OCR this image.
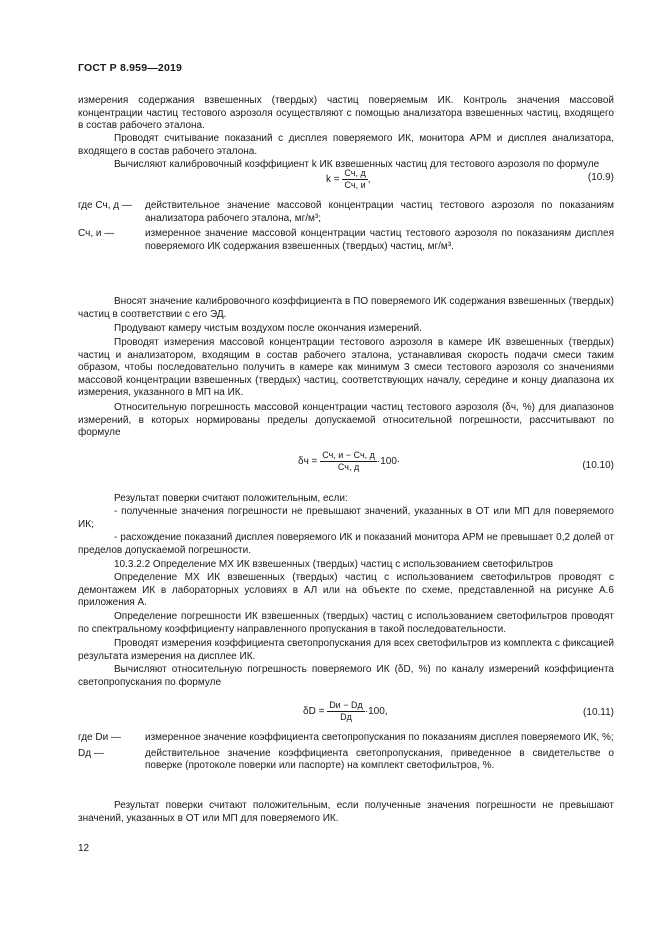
ГОСТ Р 8.959—2019

измерения содержания взвешенных (твердых) частиц поверяемым ИК. Контроль значения массовой концентрации частиц тестового аэрозоля осуществляют с помощью анализатора взвешенных частиц, входящего в состав рабочего эталона.

Проводят считывание показаний с дисплея поверяемого ИК, монитора АРМ и дисплея анализатора, входящего в состав рабочего эталона.

Вычисляют калибровочный коэффициент k ИК взвешенных частиц для тестового аэрозоля по формуле

$k = \frac{Сч, д}{Сч, и}$ ,	(10.9)
где Сч, д — действительное значение массовой концентрации частиц тестового аэрозоля по показаниям анализатора рабочего эталона, мг/м³;
Сч, и —	измеренное значение массовой концентрации частиц тестового аэрозоля по показаниям дисплея поверяемого ИК содержания взвешенных (твердых) частиц, мг/м³.

Вносят значение калибровочного коэффициента в ПО поверяемого ИК содержания взвешенных (твердых) частиц в соответствии с его ЭД.

Продувают камеру чистым воздухом после окончания измерений.

Проводят измерения массовой концентрации тестового аэрозоля в камере ИК взвешенных (твердых) частиц и анализатором, входящим в состав рабочего эталона, устанавливая скорость подачи смеси таким образом, чтобы последовательно получить в камере как минимум 3 смеси тестового аэрозоля со значениями массовой концентрации взвешенных (твердых) частиц, соответствующих началу, середине и концу диапазона их измерения, указанного в МП на ИК.

Относительную погрешность массовой концентрации частиц тестового аэрозоля (δч, %) для диапазонов измерений, в которых нормированы пределы допускаемой относительной погрешности, рассчитывают по формуле

$\delta ч = \frac{Сч, и - Сч, д}{Сч, д} \cdot 100\cdot$	(10.10)

Результат поверки считают положительным, если:

- полученные значения погрешности не превышают значений, указанных в ОТ или МП для поверяемого ИК;

- расхождение показаний дисплея поверяемого ИК и показаний монитора АРМ не превышает 0,2 долей от пределов допускаемой погрешности.

10.3.2.2 Определение МХ ИК взвешенных (твердых) частиц с использованием светофильтров

Определение МХ ИК взвешенных (твердых) частиц с использованием светофильтров проводят с демонтажем ИК в лабораторных условиях в АЛ или на объекте по схеме, представленной на рисунке А.6 приложения А.

Определение погрешности ИК взвешенных (твердых) частиц с использованием светофильтров проводят по спектральному коэффициенту направленного пропускания в такой последовательности.

Проводят измерения коэффициента светопропускания для всех светофильтров из комплекта с фиксацией результата измерения на дисплее ИК.

Вычисляют относительную погрешность поверяемого ИК (δD, %) по каналу измерений коэффициента светопропускания по формуле

$\delta D = \frac{Dи - Dд}{Dд} \cdot 100$,	(10.11)
где Dи — измеренное значение коэффициента светопропускания по показаниям дисплея поверяемого ИК, %;
Dд —	действительное значение коэффициента светопропускания, приведенное в свидетельстве о поверке (протоколе поверки или паспорте) на комплект светофильтров, %.

Результат поверки считают положительным, если полученные значения погрешности не превышают значений, указанных в ОТ или МП для поверяемого ИК.

12
